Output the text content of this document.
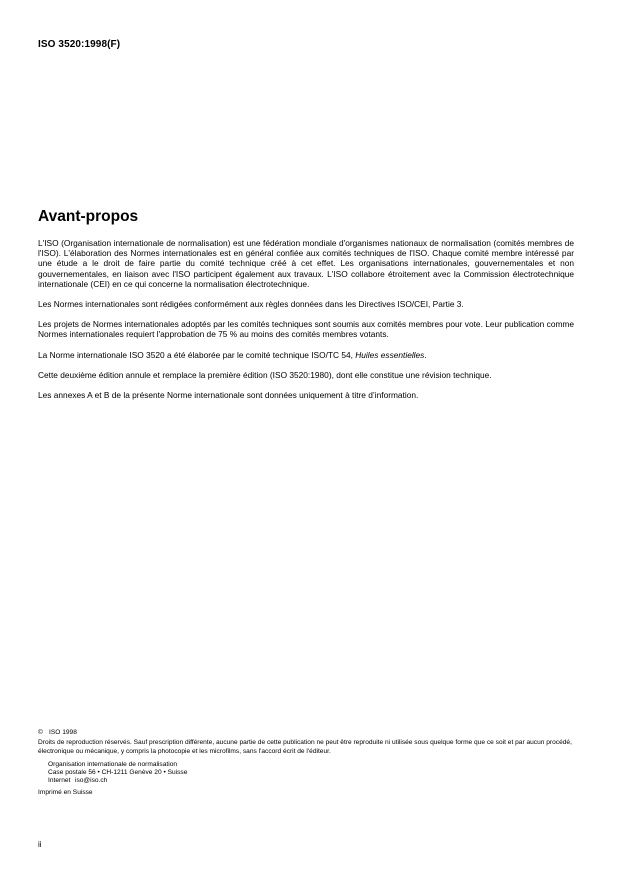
ISO 3520:1998(F)
Avant-propos

L'ISO (Organisation internationale de normalisation) est une fédération mondiale d'organismes nationaux de normalisation (comités membres de l'ISO). L'élaboration des Normes internationales est en général confiée aux comités techniques de l'ISO. Chaque comité membre intéressé par une étude a le droit de faire partie du comité technique créé à cet effet. Les organisations internationales, gouvernementales et non gouvernementales, en liaison avec l'ISO participent également aux travaux. L'ISO collabore étroitement avec la Commission électrotechnique internationale (CEI) en ce qui concerne la normalisation électrotechnique.

Les Normes internationales sont rédigées conformément aux règles données dans les Directives ISO/CEI, Partie 3.

Les projets de Normes internationales adoptés par les comités techniques sont soumis aux comités membres pour vote. Leur publication comme Normes internationales requiert l'approbation de 75 % au moins des comités membres votants.

La Norme internationale ISO 3520 a été élaborée par le comité technique ISO/TC 54, Huiles essentielles.

Cette deuxième édition annule et remplace la première édition (ISO 3520:1980), dont elle constitue une révision technique.

Les annexes A et B de la présente Norme internationale sont données uniquement à titre d’information.

© ISO 1998
Droits de reproduction réservés. Sauf prescription différente, aucune partie de cette publication ne peut être reproduite ni utilisée sous quelque forme que ce soit et par aucun procédé, électronique ou mécanique, y compris la photocopie et les microfilms, sans l'accord écrit de l'éditeur.
Organisation internationale de normalisation
Case postale 56 • CH-1211 Genève 20 • Suisse
Internet iso@iso.ch
Imprimé en Suisse
ii
